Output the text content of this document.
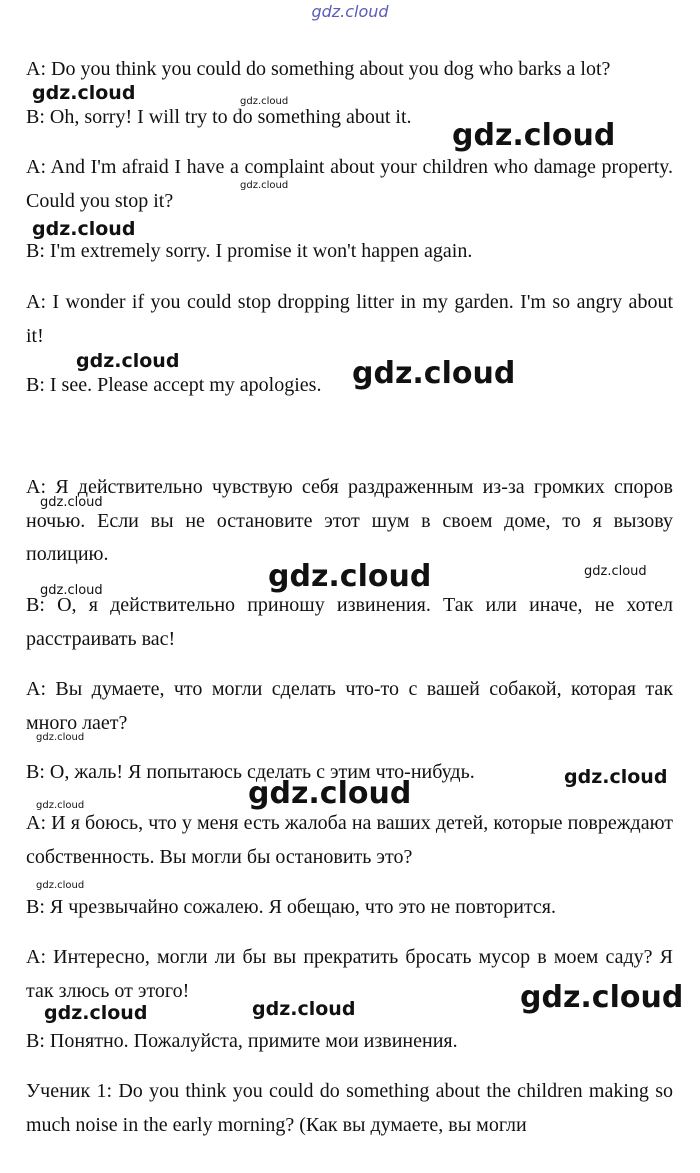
gdz.cloud

A: Do you think you could do something about you dog who barks a lot?

B: Oh, sorry! I will try to do something about it.

A: And I'm afraid I have a complaint about your children who damage property. Could you stop it?

B: I'm extremely sorry. I promise it won't happen again.

A: I wonder if you could stop dropping litter in my garden. I'm so angry about it!

B: I see. Please accept my apologies.

A: Я действительно чувствую себя раздраженным из-за громких споров ночью. Если вы не остановите этот шум в своем доме, то я вызову полицию.

B: О, я действительно приношу извинения. Так или иначе, не хотел расстраивать вас!

A: Вы думаете, что могли сделать что-то с вашей собакой, которая так много лает?

B: О, жаль! Я попытаюсь сделать с этим что-нибудь.

A: И я боюсь, что у меня есть жалоба на ваших детей, которые повреждают собственность. Вы могли бы остановить это?

B: Я чрезвычайно сожалею. Я обещаю, что это не повторится.

A: Интересно, могли ли бы вы прекратить бросать мусор в моем саду? Я так злюсь от этого!

B: Понятно. Пожалуйста, примите мои извинения.

Ученик 1: Do you think you could do something about the children making so much noise in the early morning? (Как вы думаете, вы могли

gdz.cloud	gdz.cloud
gdz.cloud
gdz.cloud
gdz.cloud
gdz.cloud	gdz.cloud
gdz.cloud
gdz.cloud	gdz.cloud
gdz.cloud
gdz.cloud
gdz.cloud
gdz.cloud
gdz.cloud
gdz.cloud
gdz.cloud
gdz.cloud
gdz.cloud
